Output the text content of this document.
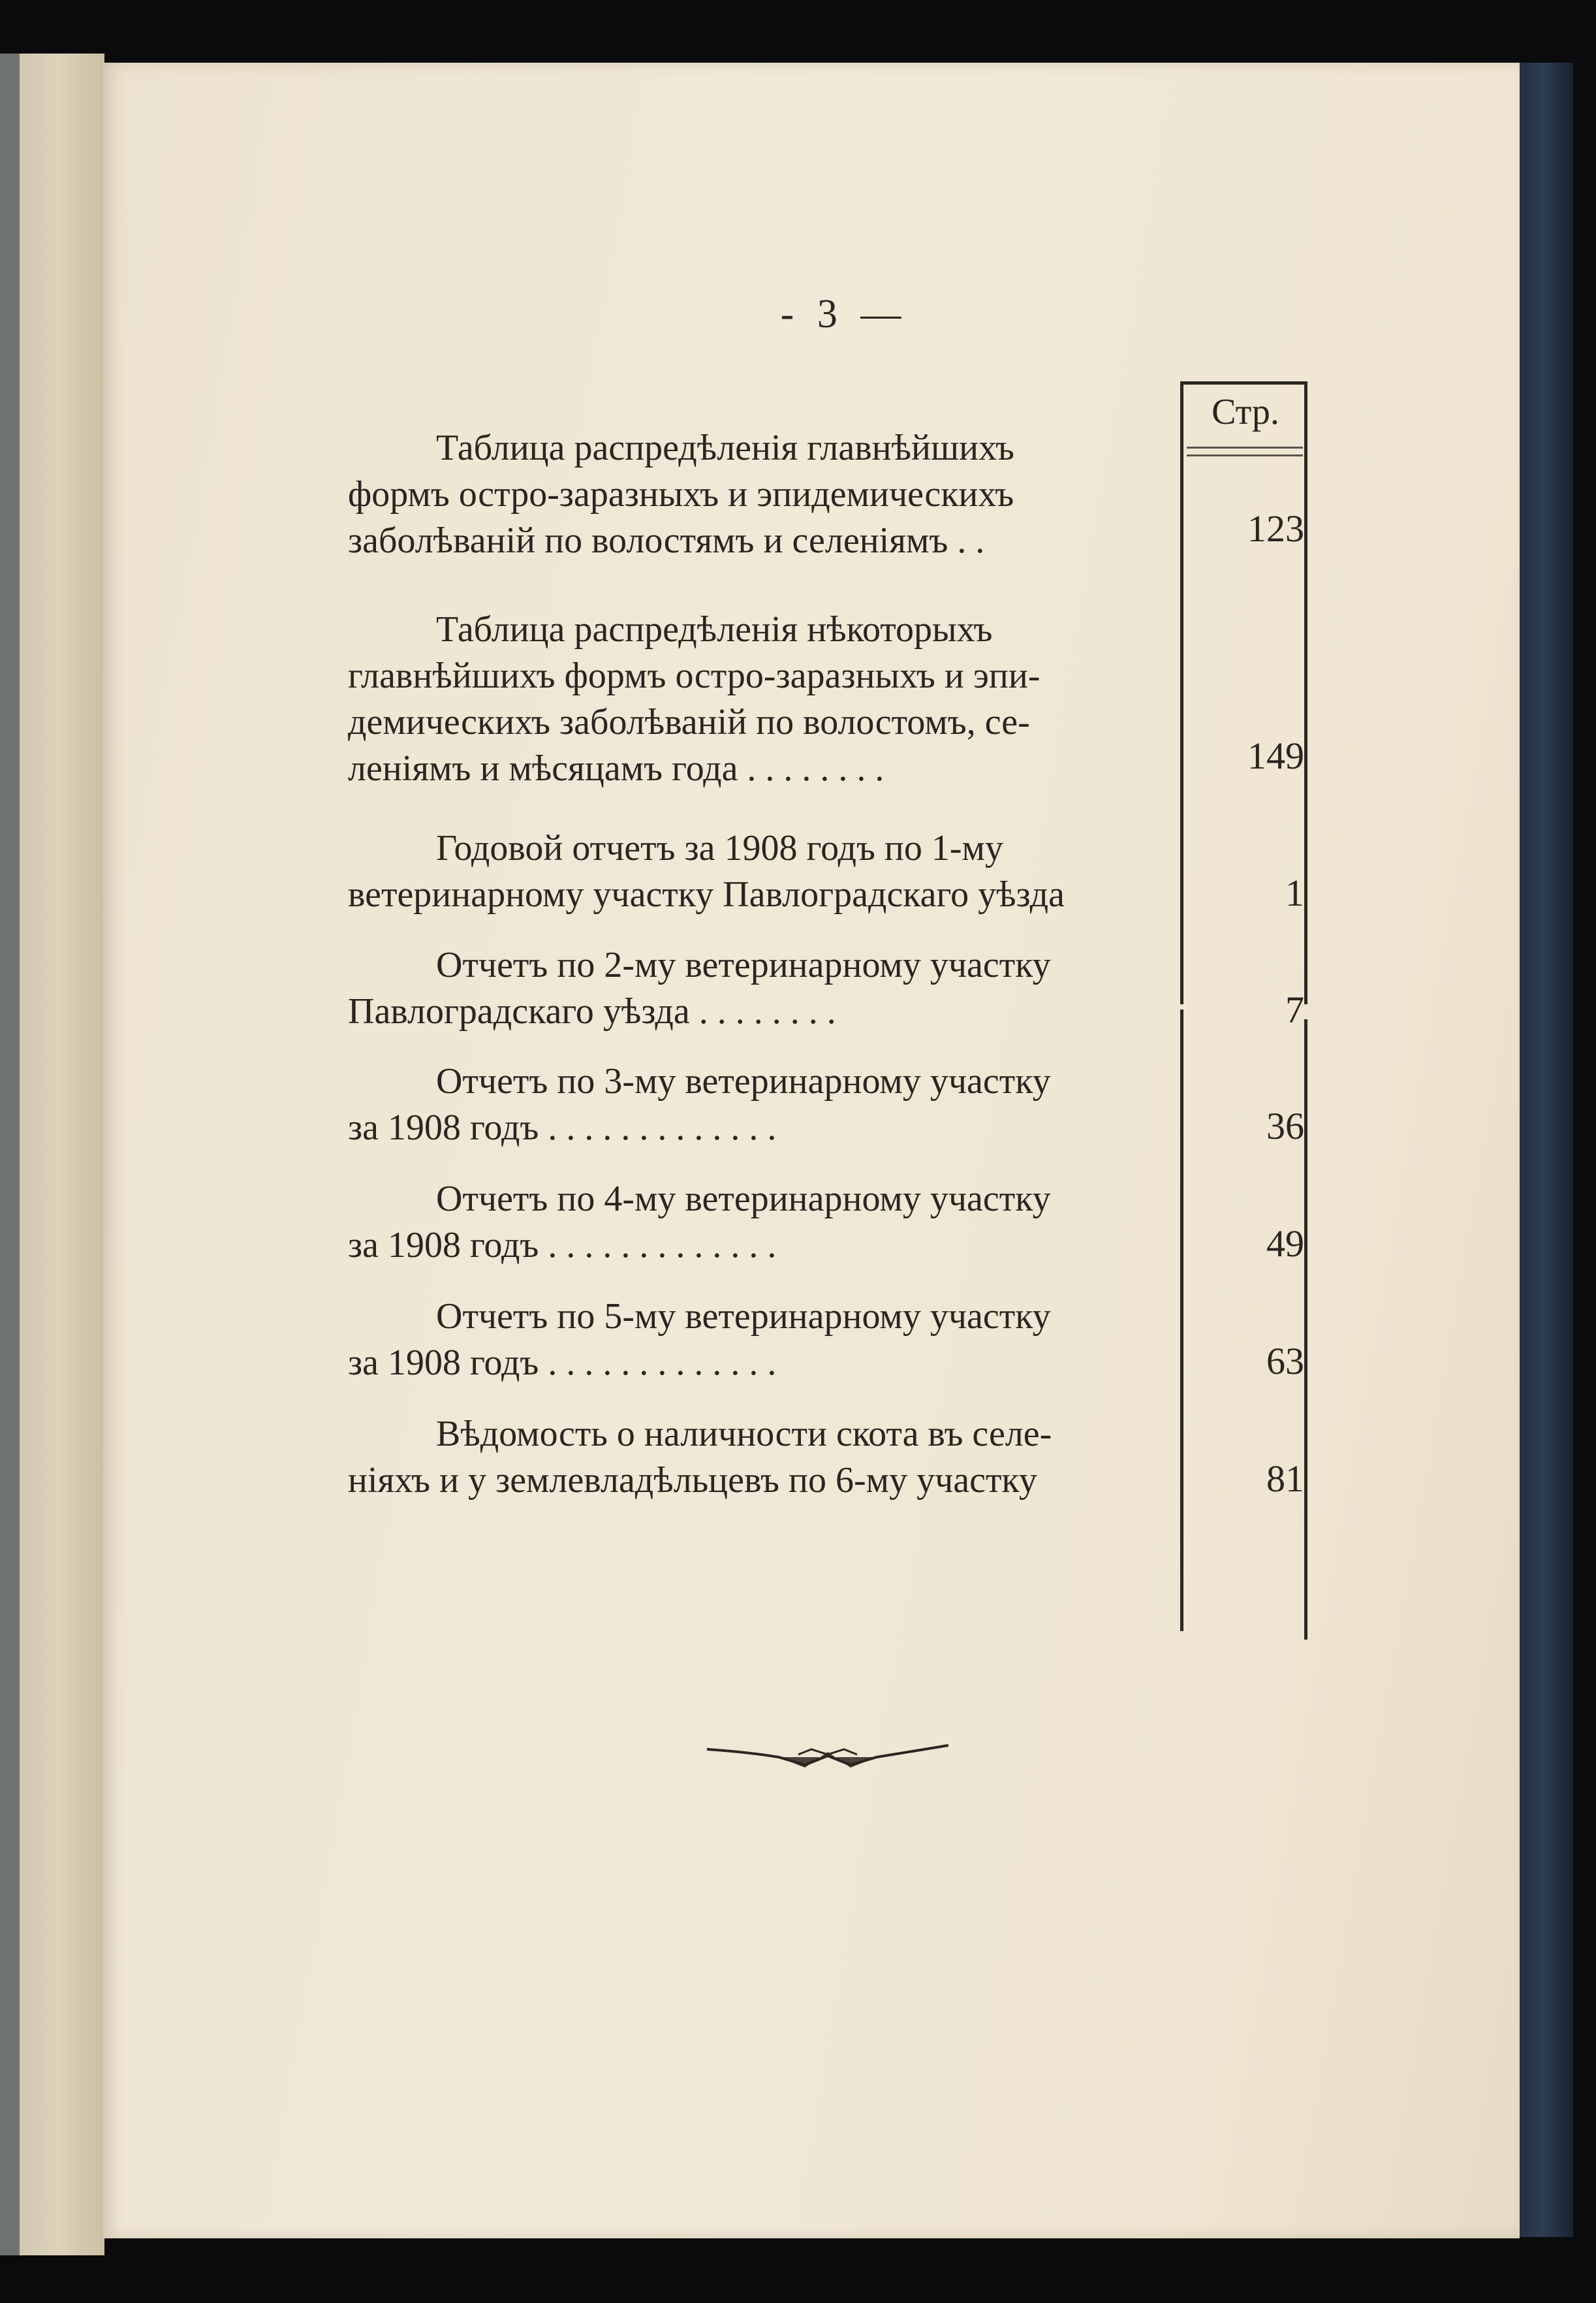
- 3 —
Стр.
Таблица распредѣленія главнѣйшихъ
формъ остро-заразныхъ и эпидемическихъ
заболѣваній по волостямъ и селеніямъ . .	123
Таблица распредѣленія нѣкоторыхъ
главнѣйшихъ формъ остро-заразныхъ и эпи-
демическихъ заболѣваній по волостомъ, се-
леніямъ и мѣсяцамъ года . . . . . . . .	149
Годовой отчетъ за 1908 годъ по 1-му
ветеринарному участку Павлоградскаго уѣзда	1
Отчетъ по 2-му ветеринарному участку
Павлоградскаго уѣзда . . . . . . . .	7
Отчетъ по 3-му ветеринарному участку
за 1908 годъ . . . . . . . . . . . . .	36
Отчетъ по 4-му ветеринарному участку
за 1908 годъ . . . . . . . . . . . . .	49
Отчетъ по 5-му ветеринарному участку
за 1908 годъ . . . . . . . . . . . . .	63
Вѣдомость о наличности скота въ селе-
ніяхъ и у землевладѣльцевъ по 6-му участку	81
